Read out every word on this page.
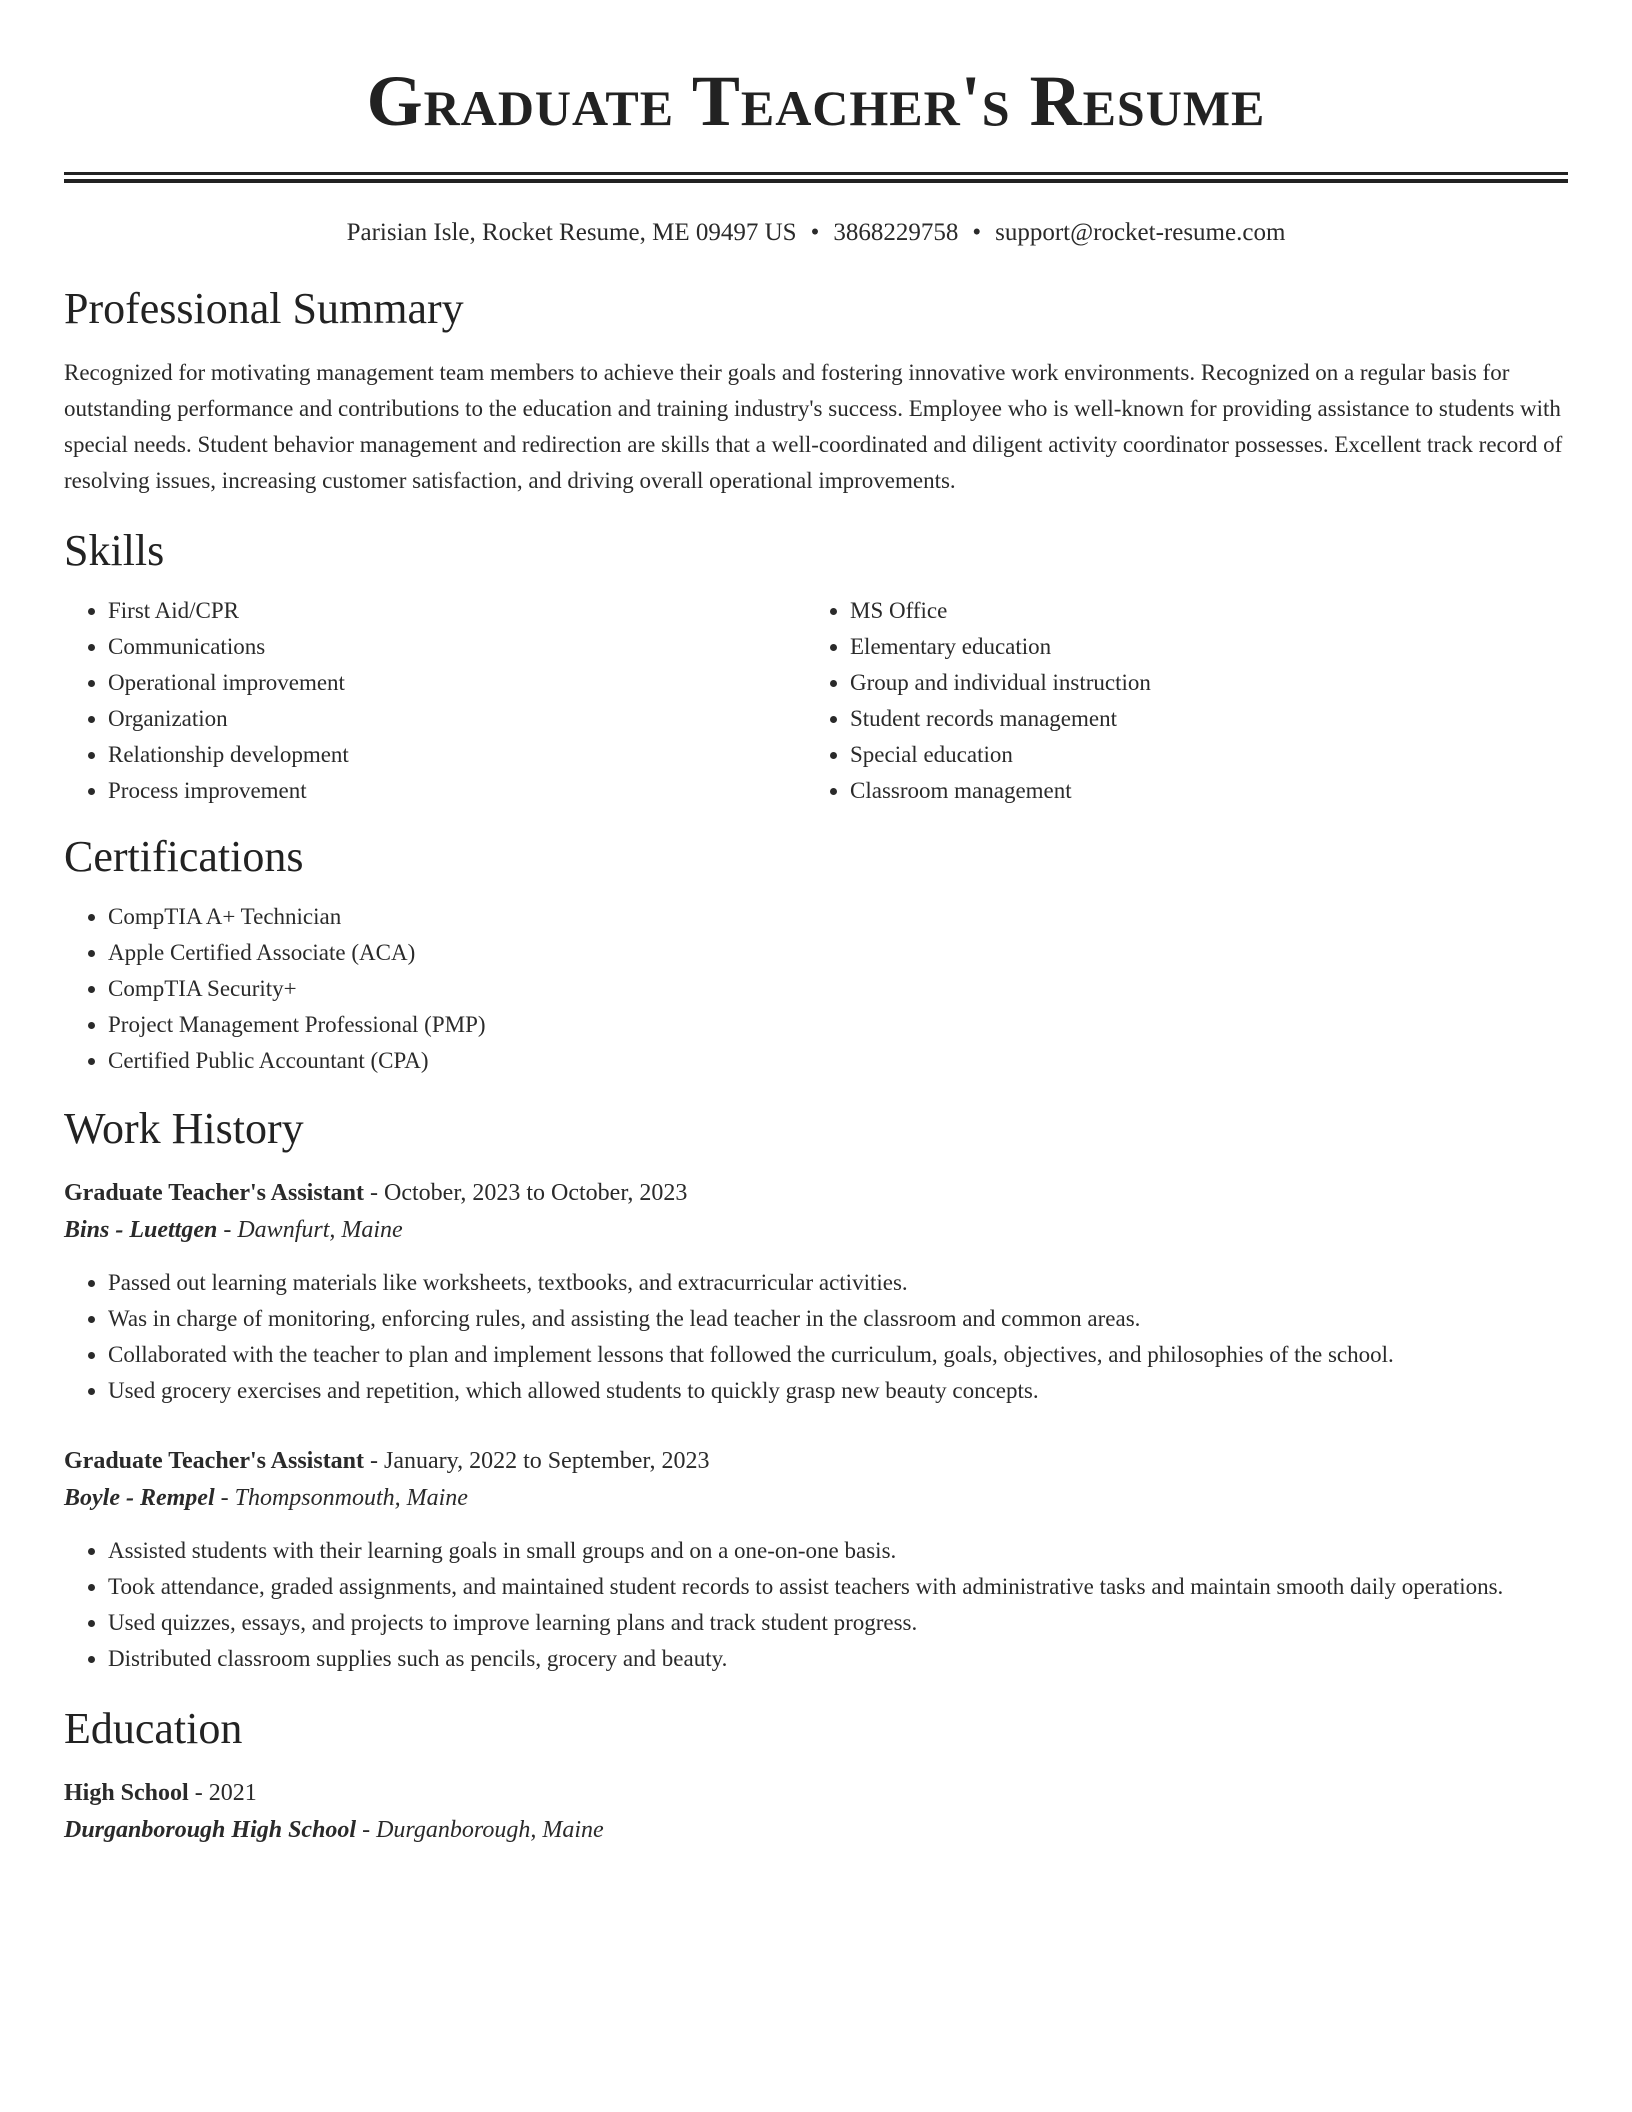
Graduate Teacher's Resume
Parisian Isle, Rocket Resume, ME 09497 US • 3868229758 • support@rocket-resume.com
Professional Summary
Recognized for motivating management team members to achieve their goals and fostering innovative work environments. Recognized on a regular basis for outstanding performance and contributions to the education and training industry's success. Employee who is well-known for providing assistance to students with special needs. Student behavior management and redirection are skills that a well-coordinated and diligent activity coordinator possesses. Excellent track record of resolving issues, increasing customer satisfaction, and driving overall operational improvements.
Skills
• First Aid/CPR
• Communications
• Operational improvement
• Organization
• Relationship development
• Process improvement
• MS Office
• Elementary education
• Group and individual instruction
• Student records management
• Special education
• Classroom management
Certifications
• CompTIA A+ Technician
• Apple Certified Associate (ACA)
• CompTIA Security+
• Project Management Professional (PMP)
• Certified Public Accountant (CPA)
Work History
Graduate Teacher's Assistant - October, 2023 to October, 2023
Bins - Luettgen - Dawnfurt, Maine
• Passed out learning materials like worksheets, textbooks, and extracurricular activities.
• Was in charge of monitoring, enforcing rules, and assisting the lead teacher in the classroom and common areas.
• Collaborated with the teacher to plan and implement lessons that followed the curriculum, goals, objectives, and philosophies of the school.
• Used grocery exercises and repetition, which allowed students to quickly grasp new beauty concepts.
Graduate Teacher's Assistant - January, 2022 to September, 2023
Boyle - Rempel - Thompsonmouth, Maine
• Assisted students with their learning goals in small groups and on a one-on-one basis.
• Took attendance, graded assignments, and maintained student records to assist teachers with administrative tasks and maintain smooth daily operations.
• Used quizzes, essays, and projects to improve learning plans and track student progress.
• Distributed classroom supplies such as pencils, grocery and beauty.
Education
High School - 2021
Durganborough High School - Durganborough, Maine
